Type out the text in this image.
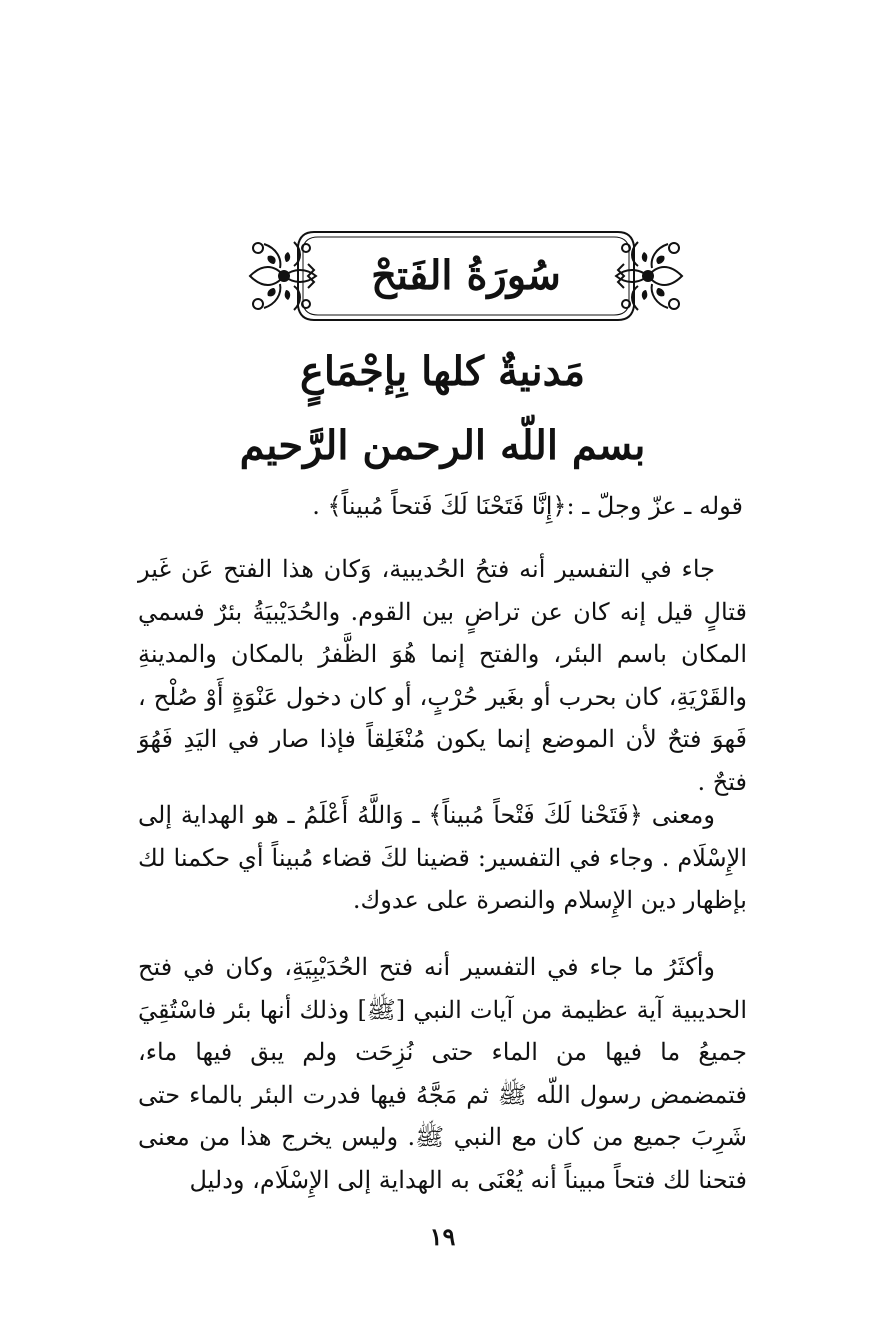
سُورَةُ الفَتحْ
مَدنيةٌ كلها بِإجْمَاعٍ
بسم اللّه الرحمن الرَّحيم
قوله ـ عزّ وجلّ ـ :﴿إِنَّا فَتَحْنَا لَكَ فَتحاً مُبيناً﴾ .
جاء في التفسير أنه فتحُ الحُديبية، وَكان هذا الفتح عَن غَير قتالٍ قيل إنه كان عن تراضٍ بين القوم. والحُدَيْبيَةُ بئرٌ فسمي المكان باسم البئر، والفتح إنما هُوَ الظَّفرُ بالمكان والمدينةِ والقَرْيَةِ، كان بحرب أو بغَير حُرْبٍ، أو كان دخول عَنْوَةٍ أَوْ صُلْح ، فَهوَ فتحٌ لأن الموضع إنما يكون مُنْغَلِقاً فإذا صار في اليَدِ فَهُوَ فتحٌ .
ومعنى ﴿فَتَحْنا لَكَ فَتْحاً مُبيناً﴾ ـ وَاللَّهُ أَعْلَمُ ـ هو الهداية إلى الإِسْلَام . وجاء في التفسير: قضينا لكَ قضاء مُبيناً أي حكمنا لك بإظهار دين الإِسلام والنصرة على عدوك.
وأكثَرُ ما جاء في التفسير أنه فتح الحُدَيْبِيَةِ، وكان في فتح الحديبية آية عظيمة من آيات النبي [ﷺ] وذلك أنها بئر فاسْتُقِيَ جميعُ ما فيها من الماء حتى نُزِحَت ولم يبق فيها ماء، فتمضمض رسول اللّه ﷺ ثم مَجَّهُ فيها فدرت البئر بالماء حتى شَرِبَ جميع من كان مع النبي ﷺ. وليس يخرج هذا من معنى فتحنا لك فتحاً مبيناً أنه يُعْنَى به الهداية إلى الإِسْلَام، ودليل
١٩
